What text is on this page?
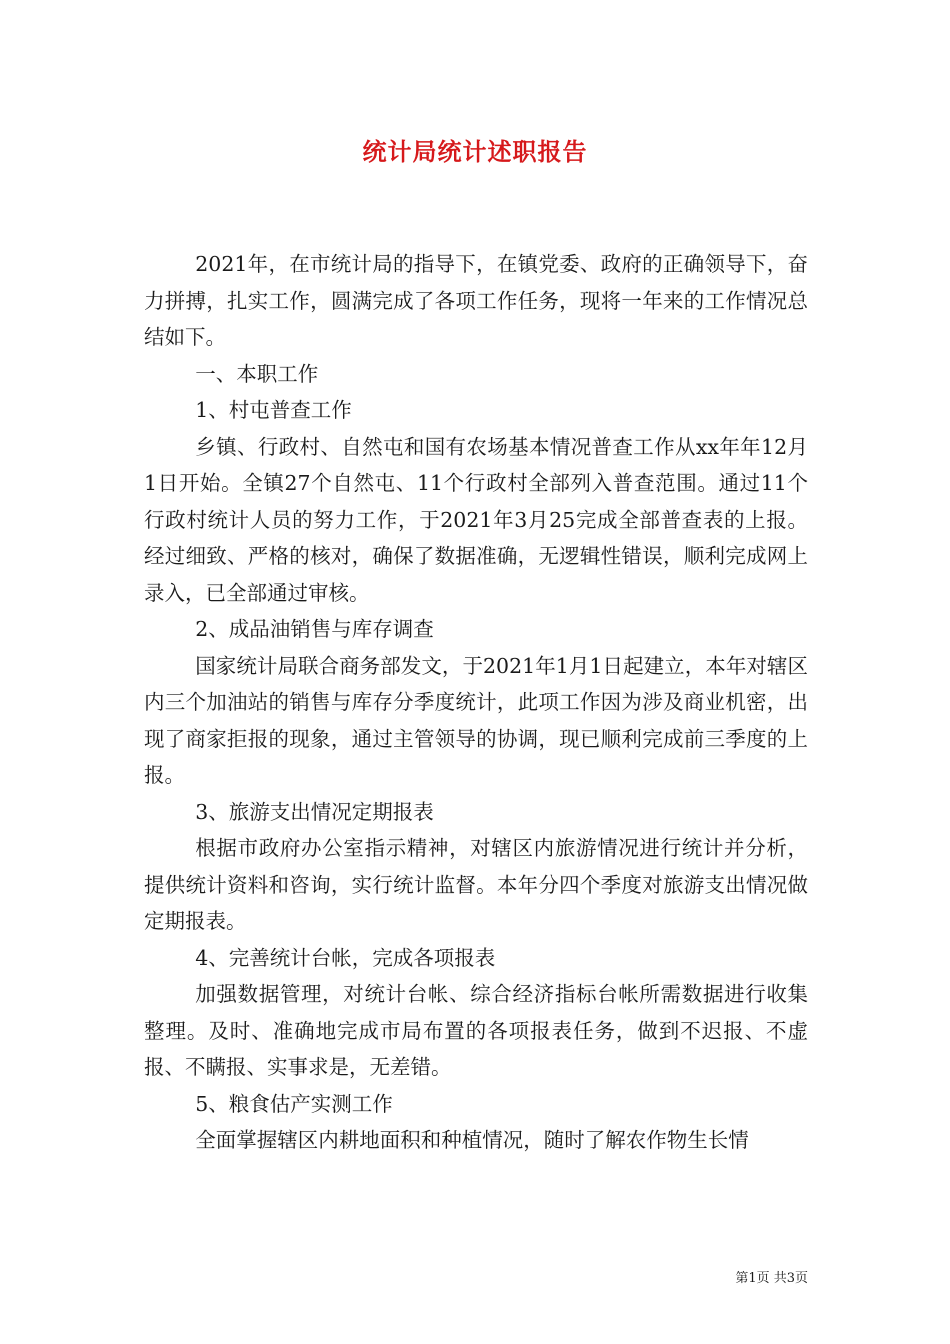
统计局统计述职报告

2021年，在市统计局的指导下，在镇党委、政府的正确领导下，奋力拼搏，扎实工作，圆满完成了各项工作任务，现将一年来的工作情况总结如下。

一、本职工作

1、村屯普查工作

乡镇、行政村、自然屯和国有农场基本情况普查工作从xx年年12月1日开始。全镇27个自然屯、11个行政村全部列入普查范围。通过11个行政村统计人员的努力工作，于2021年3月25完成全部普查表的上报。经过细致、严格的核对，确保了数据准确，无逻辑性错误，顺利完成网上录入，已全部通过审核。

2、成品油销售与库存调查

国家统计局联合商务部发文，于2021年1月1日起建立，本年对辖区内三个加油站的销售与库存分季度统计，此项工作因为涉及商业机密，出现了商家拒报的现象，通过主管领导的协调，现已顺利完成前三季度的上报。

3、旅游支出情况定期报表

根据市政府办公室指示精神，对辖区内旅游情况进行统计并分析，提供统计资料和咨询，实行统计监督。本年分四个季度对旅游支出情况做定期报表。

4、完善统计台帐，完成各项报表

加强数据管理，对统计台帐、综合经济指标台帐所需数据进行收集整理。及时、准确地完成市局布置的各项报表任务，做到不迟报、不虚报、不瞒报、实事求是，无差错。

5、粮食估产实测工作

全面掌握辖区内耕地面积和种植情况，随时了解农作物生长情

第1页 共3页
